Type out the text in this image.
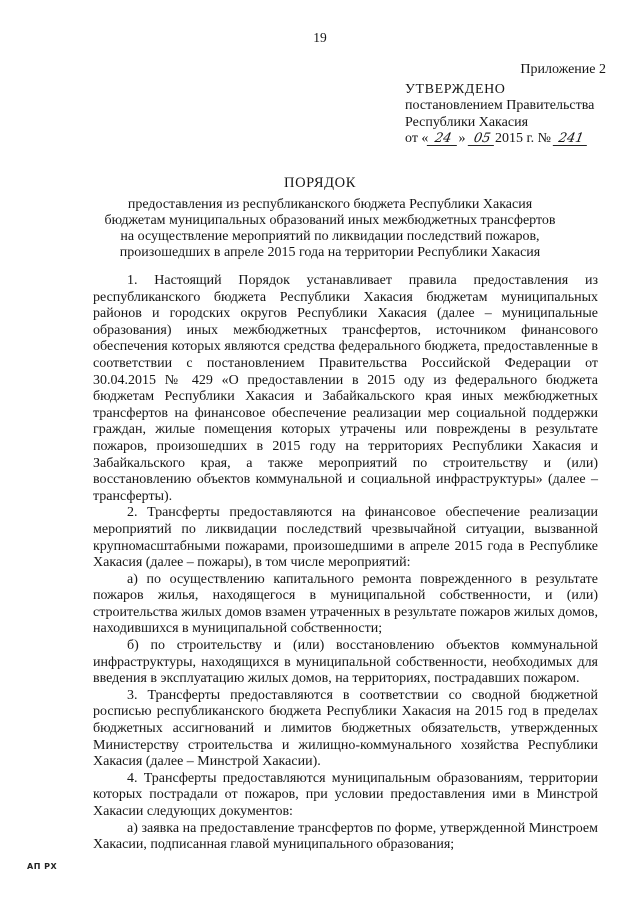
19
Приложение 2
УТВЕРЖДЕНО
постановлением Правительства
Республики Хакасия
от « 24 » 05 2015 г. № 241
ПОРЯДОК
предоставления из республиканского бюджета Республики Хакасия
бюджетам муниципальных образований иных межбюджетных трансфертов
на осуществление мероприятий по ликвидации последствий пожаров,
произошедших в апреле 2015 года на территории Республики Хакасия

1. Настоящий Порядок устанавливает правила предоставления из республиканского бюджета Республики Хакасия бюджетам муниципальных районов и городских округов Республики Хакасия (далее – муниципальные образования) иных межбюджетных трансфертов, источником финансового обеспечения которых являются средства федерального бюджета, предоставленные в соответствии с постановлением Правительства Российской Федерации от 30.04.2015 № 429 «О предоставлении в 2015 оду из федерального бюджета бюджетам Республики Хакасия и Забайкальского края иных межбюджетных трансфертов на финансовое обеспечение реализации мер социальной поддержки граждан, жилые помещения которых утрачены или повреждены в результате пожаров, произошедших в 2015 году на территориях Республики Хакасия и Забайкальского края, а также мероприятий по строительству и (или) восстановлению объектов коммунальной и социальной инфраструктуры» (далее – трансферты).

2. Трансферты предоставляются на финансовое обеспечение реализации мероприятий по ликвидации последствий чрезвычайной ситуации, вызванной крупномасштабными пожарами, произошедшими в апреле 2015 года в Республике Хакасия (далее – пожары), в том числе мероприятий:

а) по осуществлению капитального ремонта поврежденного в результате пожаров жилья, находящегося в муниципальной собственности, и (или) строительства жилых домов взамен утраченных в результате пожаров жилых домов, находившихся в муниципальной собственности;

б) по строительству и (или) восстановлению объектов коммунальной инфраструктуры, находящихся в муниципальной собственности, необходимых для введения в эксплуатацию жилых домов, на территориях, пострадавших пожаром.

3. Трансферты предоставляются в соответствии со сводной бюджетной росписью республиканского бюджета Республики Хакасия на 2015 год в пределах бюджетных ассигнований и лимитов бюджетных обязательств, утвержденных Министерству строительства и жилищно-коммунального хозяйства Республики Хакасия (далее – Минстрой Хакасии).

4. Трансферты предоставляются муниципальным образованиям, территории которых пострадали от пожаров, при условии предоставления ими в Минстрой Хакасии следующих документов:

а) заявка на предоставление трансфертов по форме, утвержденной Минстроем Хакасии, подписанная главой муниципального образования;

АП РХ
